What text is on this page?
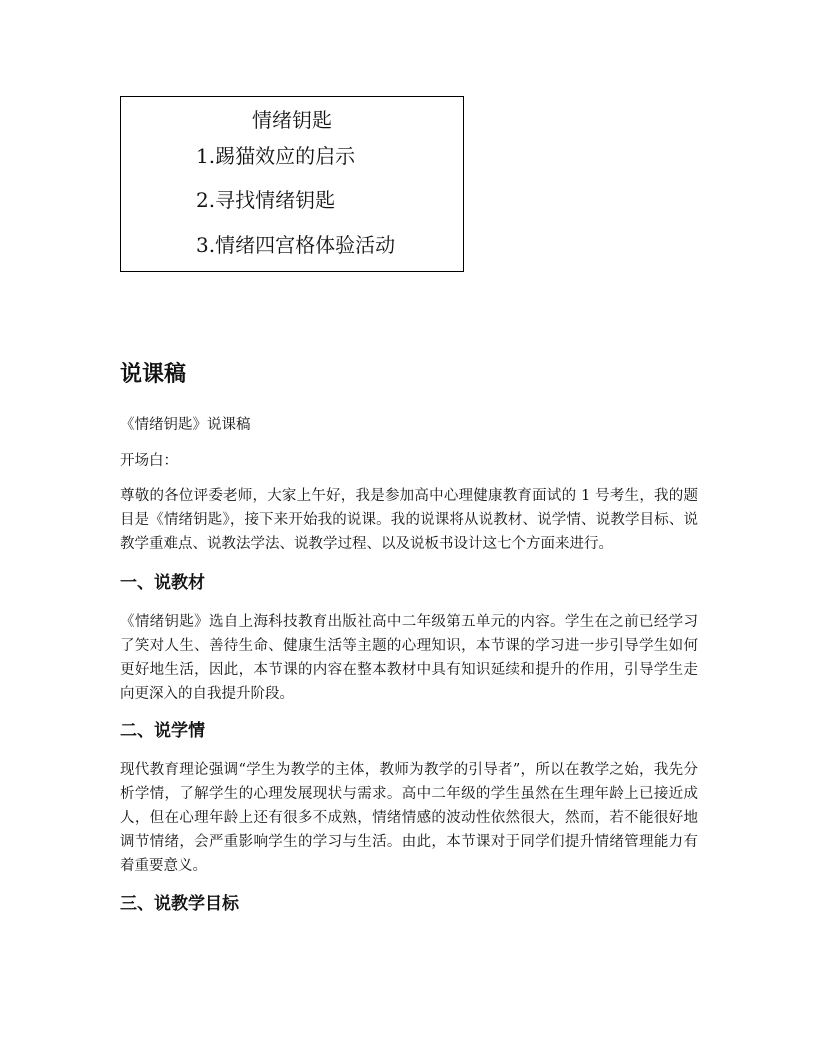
情绪钥匙
1.踢猫效应的启示
2.寻找情绪钥匙
3.情绪四宫格体验活动
说课稿

《情绪钥匙》说课稿

开场白：

尊敬的各位评委老师，大家上午好，我是参加高中心理健康教育面试的 1 号考生，我的题目是《情绪钥匙》，接下来开始我的说课。我的说课将从说教材、说学情、说教学目标、说教学重难点、说教法学法、说教学过程、以及说板书设计这七个方面来进行。

一、说教材

《情绪钥匙》选自上海科技教育出版社高中二年级第五单元的内容。学生在之前已经学习了笑对人生、善待生命、健康生活等主题的心理知识，本节课的学习进一步引导学生如何更好地生活，因此，本节课的内容在整本教材中具有知识延续和提升的作用，引导学生走向更深入的自我提升阶段。

二、说学情

现代教育理论强调“学生为教学的主体，教师为教学的引导者”，所以在教学之始，我先分析学情，了解学生的心理发展现状与需求。高中二年级的学生虽然在生理年龄上已接近成人，但在心理年龄上还有很多不成熟，情绪情感的波动性依然很大，然而，若不能很好地调节情绪，会严重影响学生的学习与生活。由此，本节课对于同学们提升情绪管理能力有着重要意义。

三、说教学目标
